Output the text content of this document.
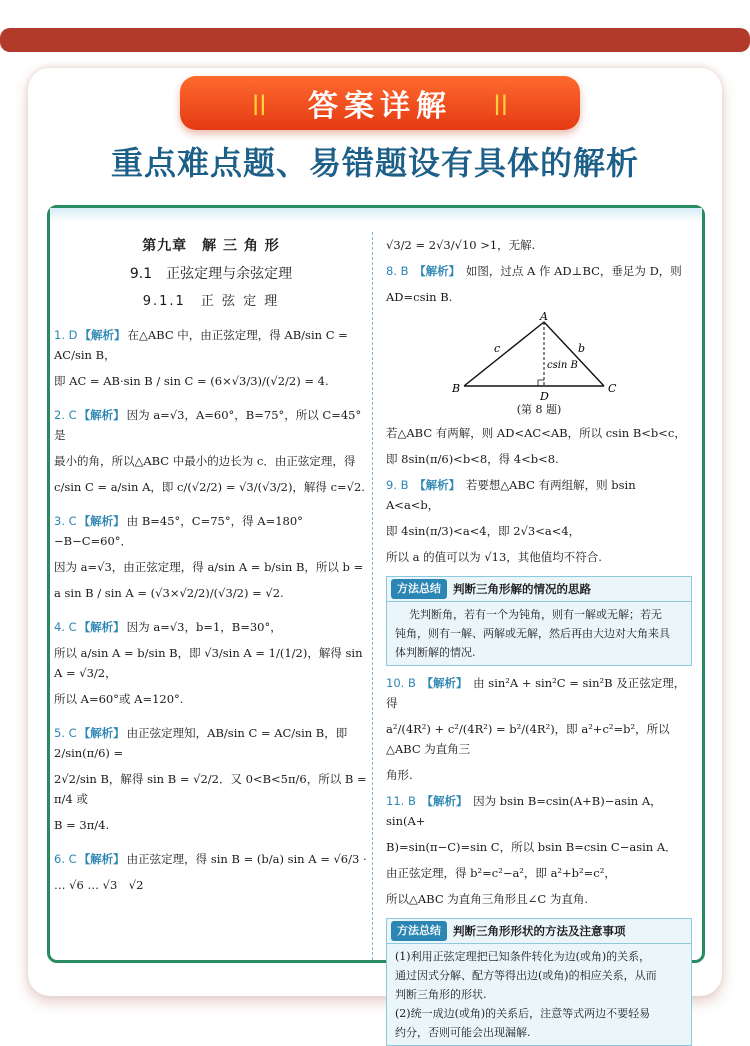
|| 答案详解 ||
重点难点题、易错题设有具体的解析
第九章　解 三 角 形
9.1　正弦定理与余弦定理
9.1.1　正 弦 定 理
1. D 【解析】 在△ABC 中，由正弦定理，得 AB/sin C = AC/sin B，
即 AC = AB·sin B / sin C = (6×√3/3)/(√2/2) = 4.
2. C 【解析】 因为 a=√3，A=60°，B=75°，所以 C=45°是
最小的角，所以△ABC 中最小的边长为 c．由正弦定理，得
c/sin C = a/sin A，即 c/(√2/2) = √3/(√3/2)，解得 c=√2.
3. C 【解析】 由 B=45°，C=75°，得 A=180°−B−C=60°．
因为 a=√3，由正弦定理，得 a/sin A = b/sin B，所以 b =
a sin B / sin A = (√3×√2/2)/(√3/2) = √2.
4. C 【解析】 因为 a=√3，b=1，B=30°，
所以 a/sin A = b/sin B，即 √3/sin A = 1/(1/2)，解得 sin A = √3/2，
所以 A=60°或 A=120°.
5. C 【解析】 由正弦定理知，AB/sin C = AC/sin B，即 2/sin(π/6) =
2√2/sin B，解得 sin B = √2/2．又 0<B<5π/6，所以 B = π/4 或
B = 3π/4.
6. C 【解析】 由正弦定理，得 sin B = (b/a) sin A = √6/3 ·
… √6 … √3　√2
√3/2 = 2√3/√10 >1，无解.
8. B 【解析】 如图，过点 A 作 AD⊥BC，垂足为 D，则
AD=csin B.
A
B	C
D
c	b
csin B
(第 8 题)
若△ABC 有两解，则 AD<AC<AB，所以 csin B<b<c，
即 8sin(π/6)<b<8，得 4<b<8.
9. B 【解析】 若要想△ABC 有两组解，则 bsin A<a<b，
即 4sin(π/3)<a<4，即 2√3<a<4，
所以 a 的值可以为 √13，其他值均不符合.
方法总结	判断三角形解的情况的思路
先判断角，若有一个为钝角，则有一解或无解；若无
钝角，则有一解、两解或无解，然后再由大边对大角来具
体判断解的情况.
10. B 【解析】 由 sin²A + sin²C = sin²B 及正弦定理，得
a²/(4R²) + c²/(4R²) = b²/(4R²)，即 a²+c²=b²，所以△ABC 为直角三
角形.
11. B 【解析】 因为 bsin B=csin(A+B)−asin A，sin(A+
B)=sin(π−C)=sin C，所以 bsin B=csin C−asin A．
由正弦定理，得 b²=c²−a²，即 a²+b²=c²，
所以△ABC 为直角三角形且∠C 为直角.
方法总结	判断三角形形状的方法及注意事项
(1)利用正弦定理把已知条件转化为边(或角)的关系，
通过因式分解、配方等得出边(或角)的相应关系，从而
判断三角形的形状.
(2)统一成边(或角)的关系后，注意等式两边不要轻易
约分，否则可能会出现漏解.
